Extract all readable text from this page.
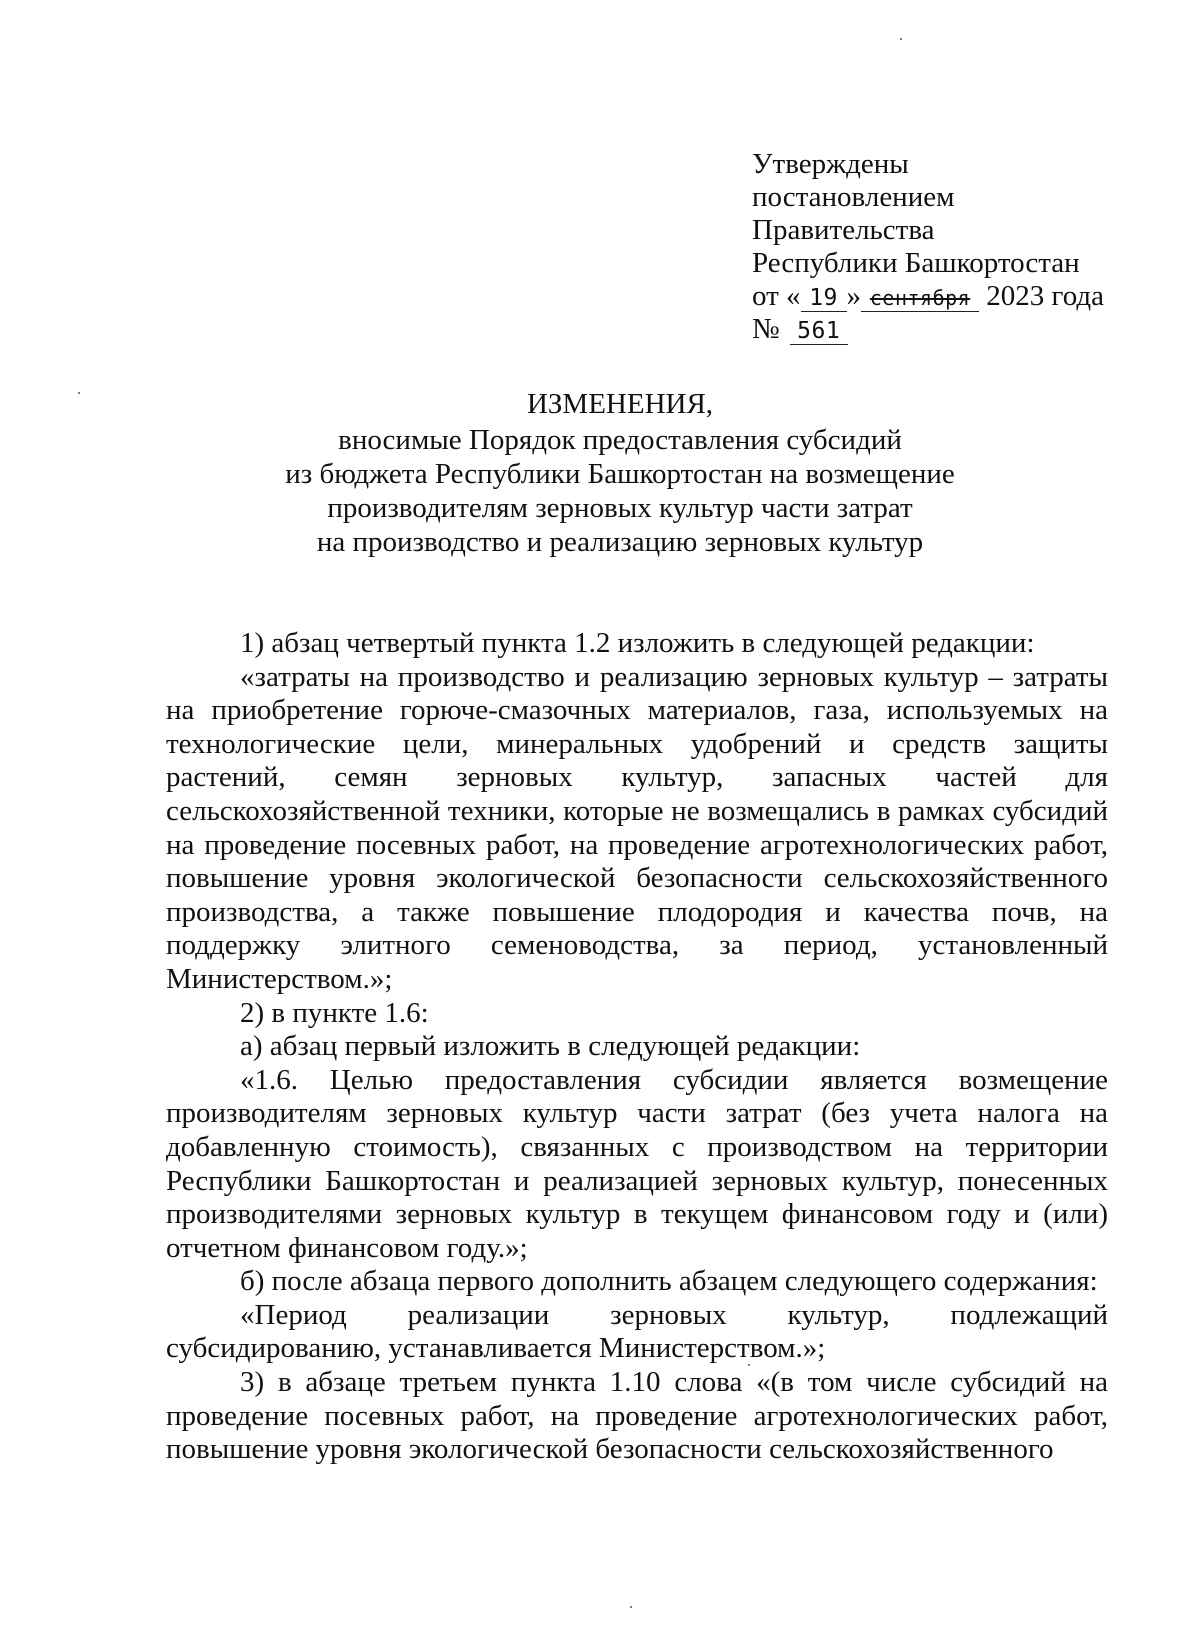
Утверждены
постановлением
Правительства
Республики Башкортостан
от « 19 » сентября 2023 года
№ 561
ИЗМЕНЕНИЯ,
вносимые Порядок предоставления субсидий
из бюджета Республики Башкортостан на возмещение
производителям зерновых культур части затрат
на производство и реализацию зерновых культур

1) абзац четвертый пункта 1.2 изложить в следующей редакции:

«затраты на производство и реализацию зерновых культур – затраты на приобретение горюче-смазочных материалов, газа, используемых на технологические цели, минеральных удобрений и средств защиты растений, семян зерновых культур, запасных частей для сельскохозяйственной техники, которые не возмещались в рамках субсидий на проведение посевных работ, на проведение агротехнологических работ, повышение уровня экологической безопасности сельскохозяйственного производства, а также повышение плодородия и качества почв, на поддержку элитного семеноводства, за период, установленный Министерством.»;

2) в пункте 1.6:

а) абзац первый изложить в следующей редакции:

«1.6. Целью предоставления субсидии является возмещение производителям зерновых культур части затрат (без учета налога на добавленную стоимость), связанных с производством на территории Республики Башкортостан и реализацией зерновых культур, понесенных производителями зерновых культур в текущем финансовом году и (или) отчетном финансовом году.»;

б) после абзаца первого дополнить абзацем следующего содержания:

«Период реализации зерновых культур, подлежащий субсидированию, устанавливается Министерством.»;

3) в абзаце третьем пункта 1.10 слова «(в том числе субсидий на проведение посевных работ, на проведение агротехнологических работ, повышение уровня экологической безопасности сельскохозяйственного
